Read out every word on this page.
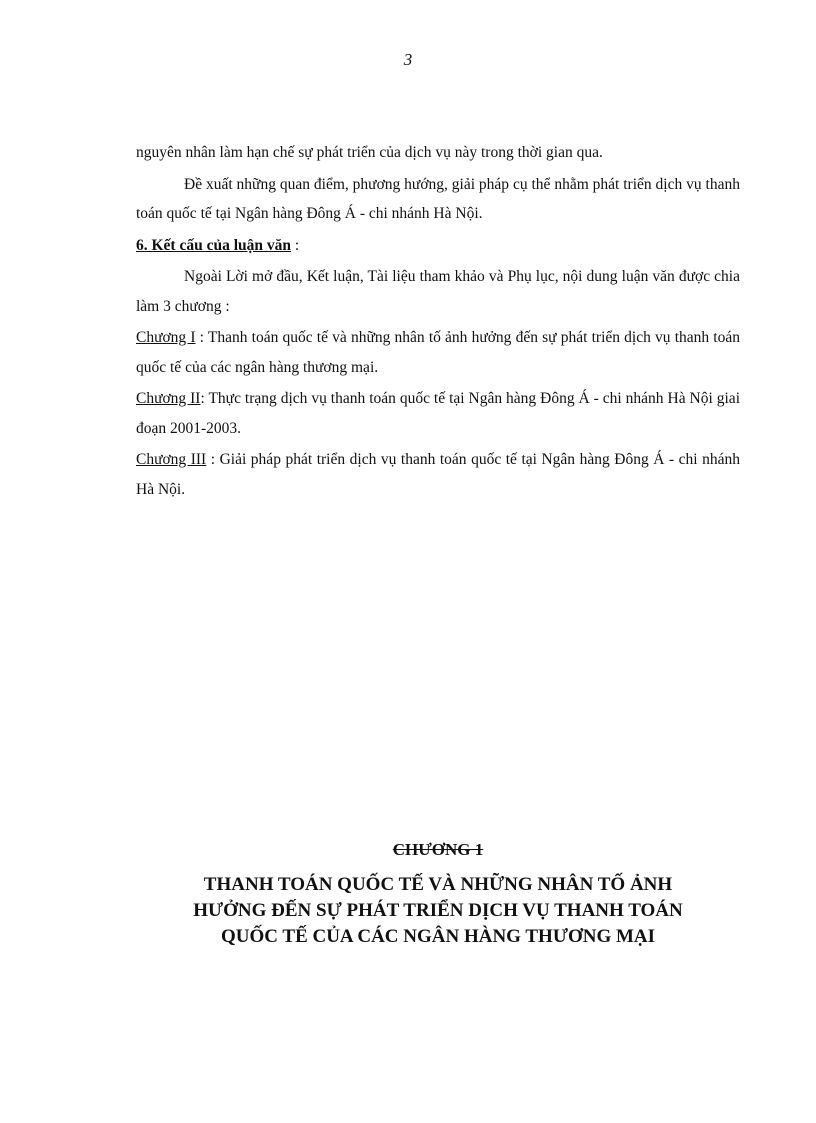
3

nguyên nhân làm hạn chế sự phát triển của dịch vụ này trong thời gian qua.

Đề xuất những quan điểm, phương hướng, giải pháp cụ thể nhằm phát triển dịch vụ thanh toán quốc tế tại Ngân hàng Đông Á - chi nhánh Hà Nội.

6. Kết cấu của luận văn :

Ngoài Lời mở đầu, Kết luận, Tài liệu tham khảo và Phụ lục, nội dung luận văn được chia làm 3 chương :

Chương I : Thanh toán quốc tế và những nhân tố ảnh hưởng đến sự phát triển dịch vụ thanh toán quốc tế của các ngân hàng thương mại.

Chương II: Thực trạng dịch vụ thanh toán quốc tế tại Ngân hàng Đông Á - chi nhánh Hà Nội giai đoạn 2001-2003.

Chương III : Giải pháp phát triển dịch vụ thanh toán quốc tế tại Ngân hàng Đông Á - chi nhánh Hà Nội.

CHƯƠNG 1
THANH TOÁN QUỐC TẾ VÀ NHỮNG NHÂN TỐ ẢNH
HƯỞNG ĐẾN SỰ PHÁT TRIỂN DỊCH VỤ THANH TOÁN
QUỐC TẾ CỦA CÁC NGÂN HÀNG THƯƠNG MẠI
